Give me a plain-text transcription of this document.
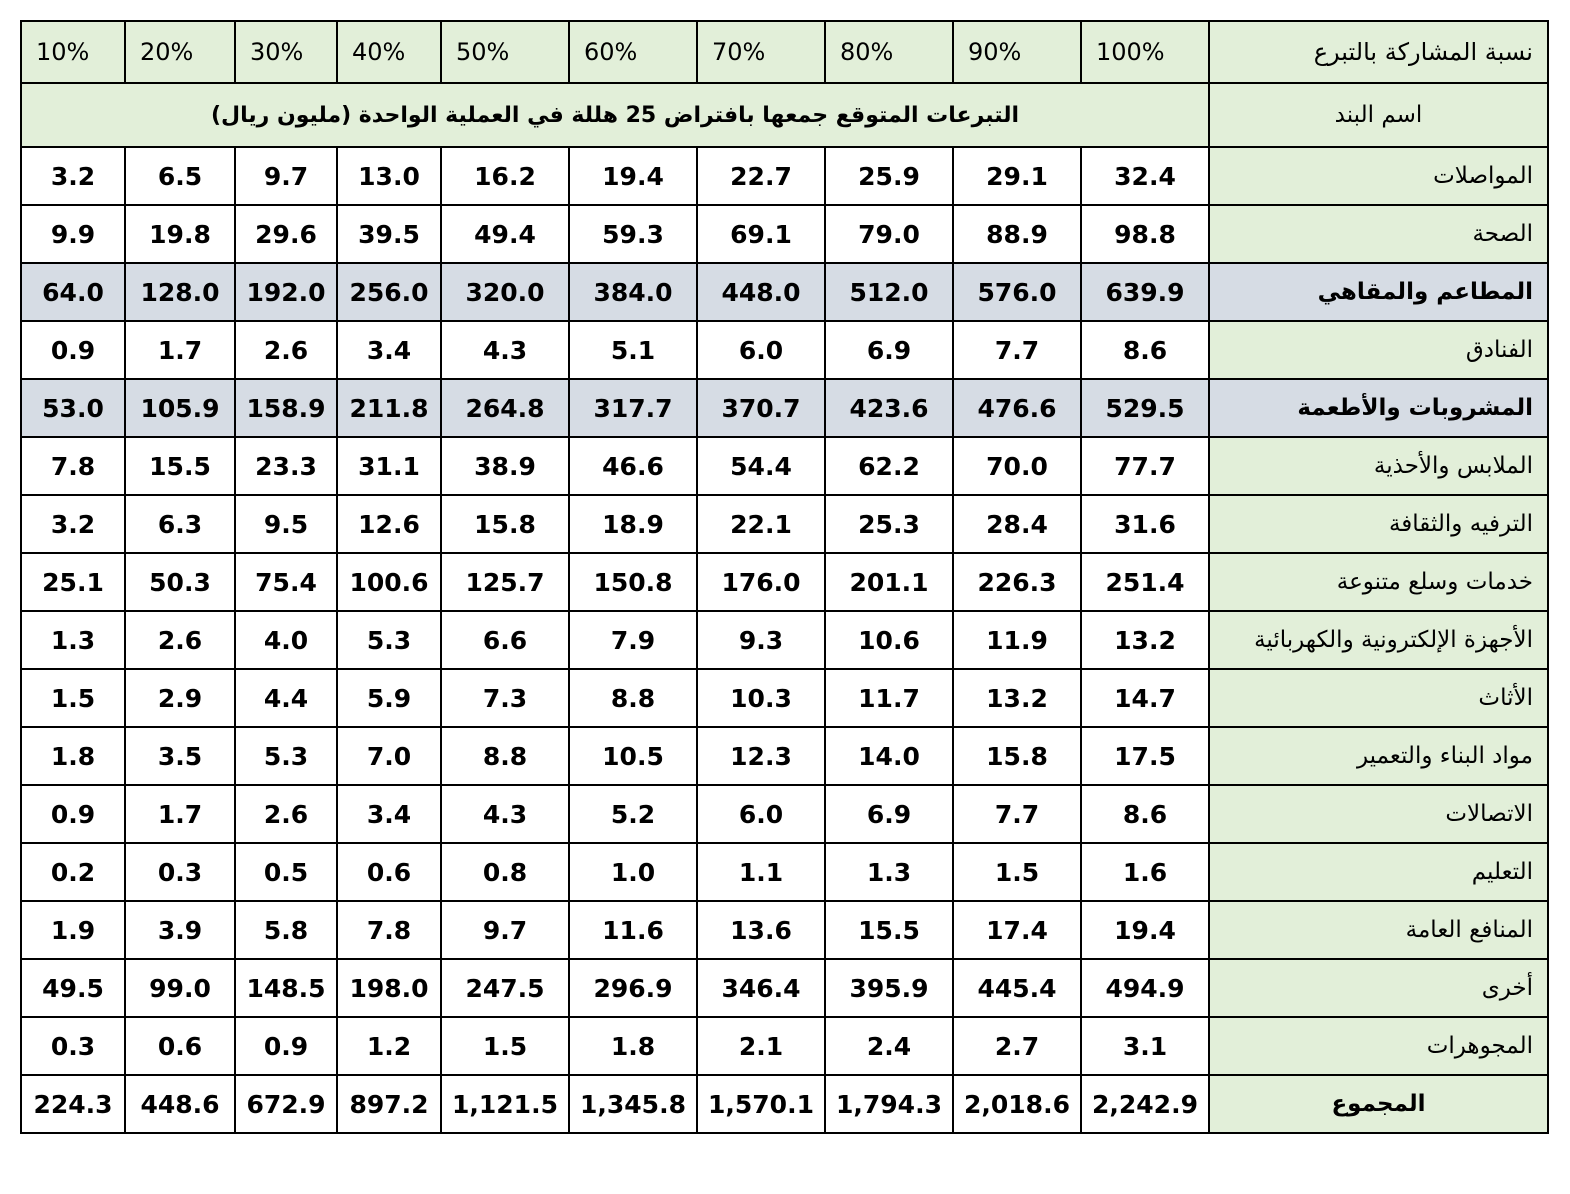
10%	20%	30%	40%	50%	60%	70%	80%	90%	100%	نسبة المشاركة بالتبرع
التبرعات المتوقع جمعها بافتراض 25 هللة في العملية الواحدة (مليون ريال)										اسم البند
3.2	6.5	9.7	13.0	16.2	19.4	22.7	25.9	29.1	32.4	المواصلات
9.9	19.8	29.6	39.5	49.4	59.3	69.1	79.0	88.9	98.8	الصحة
64.0	128.0	192.0	256.0	320.0	384.0	448.0	512.0	576.0	639.9	المطاعم والمقاهي
0.9	1.7	2.6	3.4	4.3	5.1	6.0	6.9	7.7	8.6	الفنادق
53.0	105.9	158.9	211.8	264.8	317.7	370.7	423.6	476.6	529.5	المشروبات والأطعمة
7.8	15.5	23.3	31.1	38.9	46.6	54.4	62.2	70.0	77.7	الملابس والأحذية
3.2	6.3	9.5	12.6	15.8	18.9	22.1	25.3	28.4	31.6	الترفيه والثقافة
25.1	50.3	75.4	100.6	125.7	150.8	176.0	201.1	226.3	251.4	خدمات وسلع متنوعة
1.3	2.6	4.0	5.3	6.6	7.9	9.3	10.6	11.9	13.2	الأجهزة الإلكترونية والكهربائية
1.5	2.9	4.4	5.9	7.3	8.8	10.3	11.7	13.2	14.7	الأثاث
1.8	3.5	5.3	7.0	8.8	10.5	12.3	14.0	15.8	17.5	مواد البناء والتعمير
0.9	1.7	2.6	3.4	4.3	5.2	6.0	6.9	7.7	8.6	الاتصالات
0.2	0.3	0.5	0.6	0.8	1.0	1.1	1.3	1.5	1.6	التعليم
1.9	3.9	5.8	7.8	9.7	11.6	13.6	15.5	17.4	19.4	المنافع العامة
49.5	99.0	148.5	198.0	247.5	296.9	346.4	395.9	445.4	494.9	أخرى
0.3	0.6	0.9	1.2	1.5	1.8	2.1	2.4	2.7	3.1	المجوهرات
224.3	448.6	672.9	897.2	1,121.5	1,345.8	1,570.1	1,794.3	2,018.6	2,242.9	المجموع
